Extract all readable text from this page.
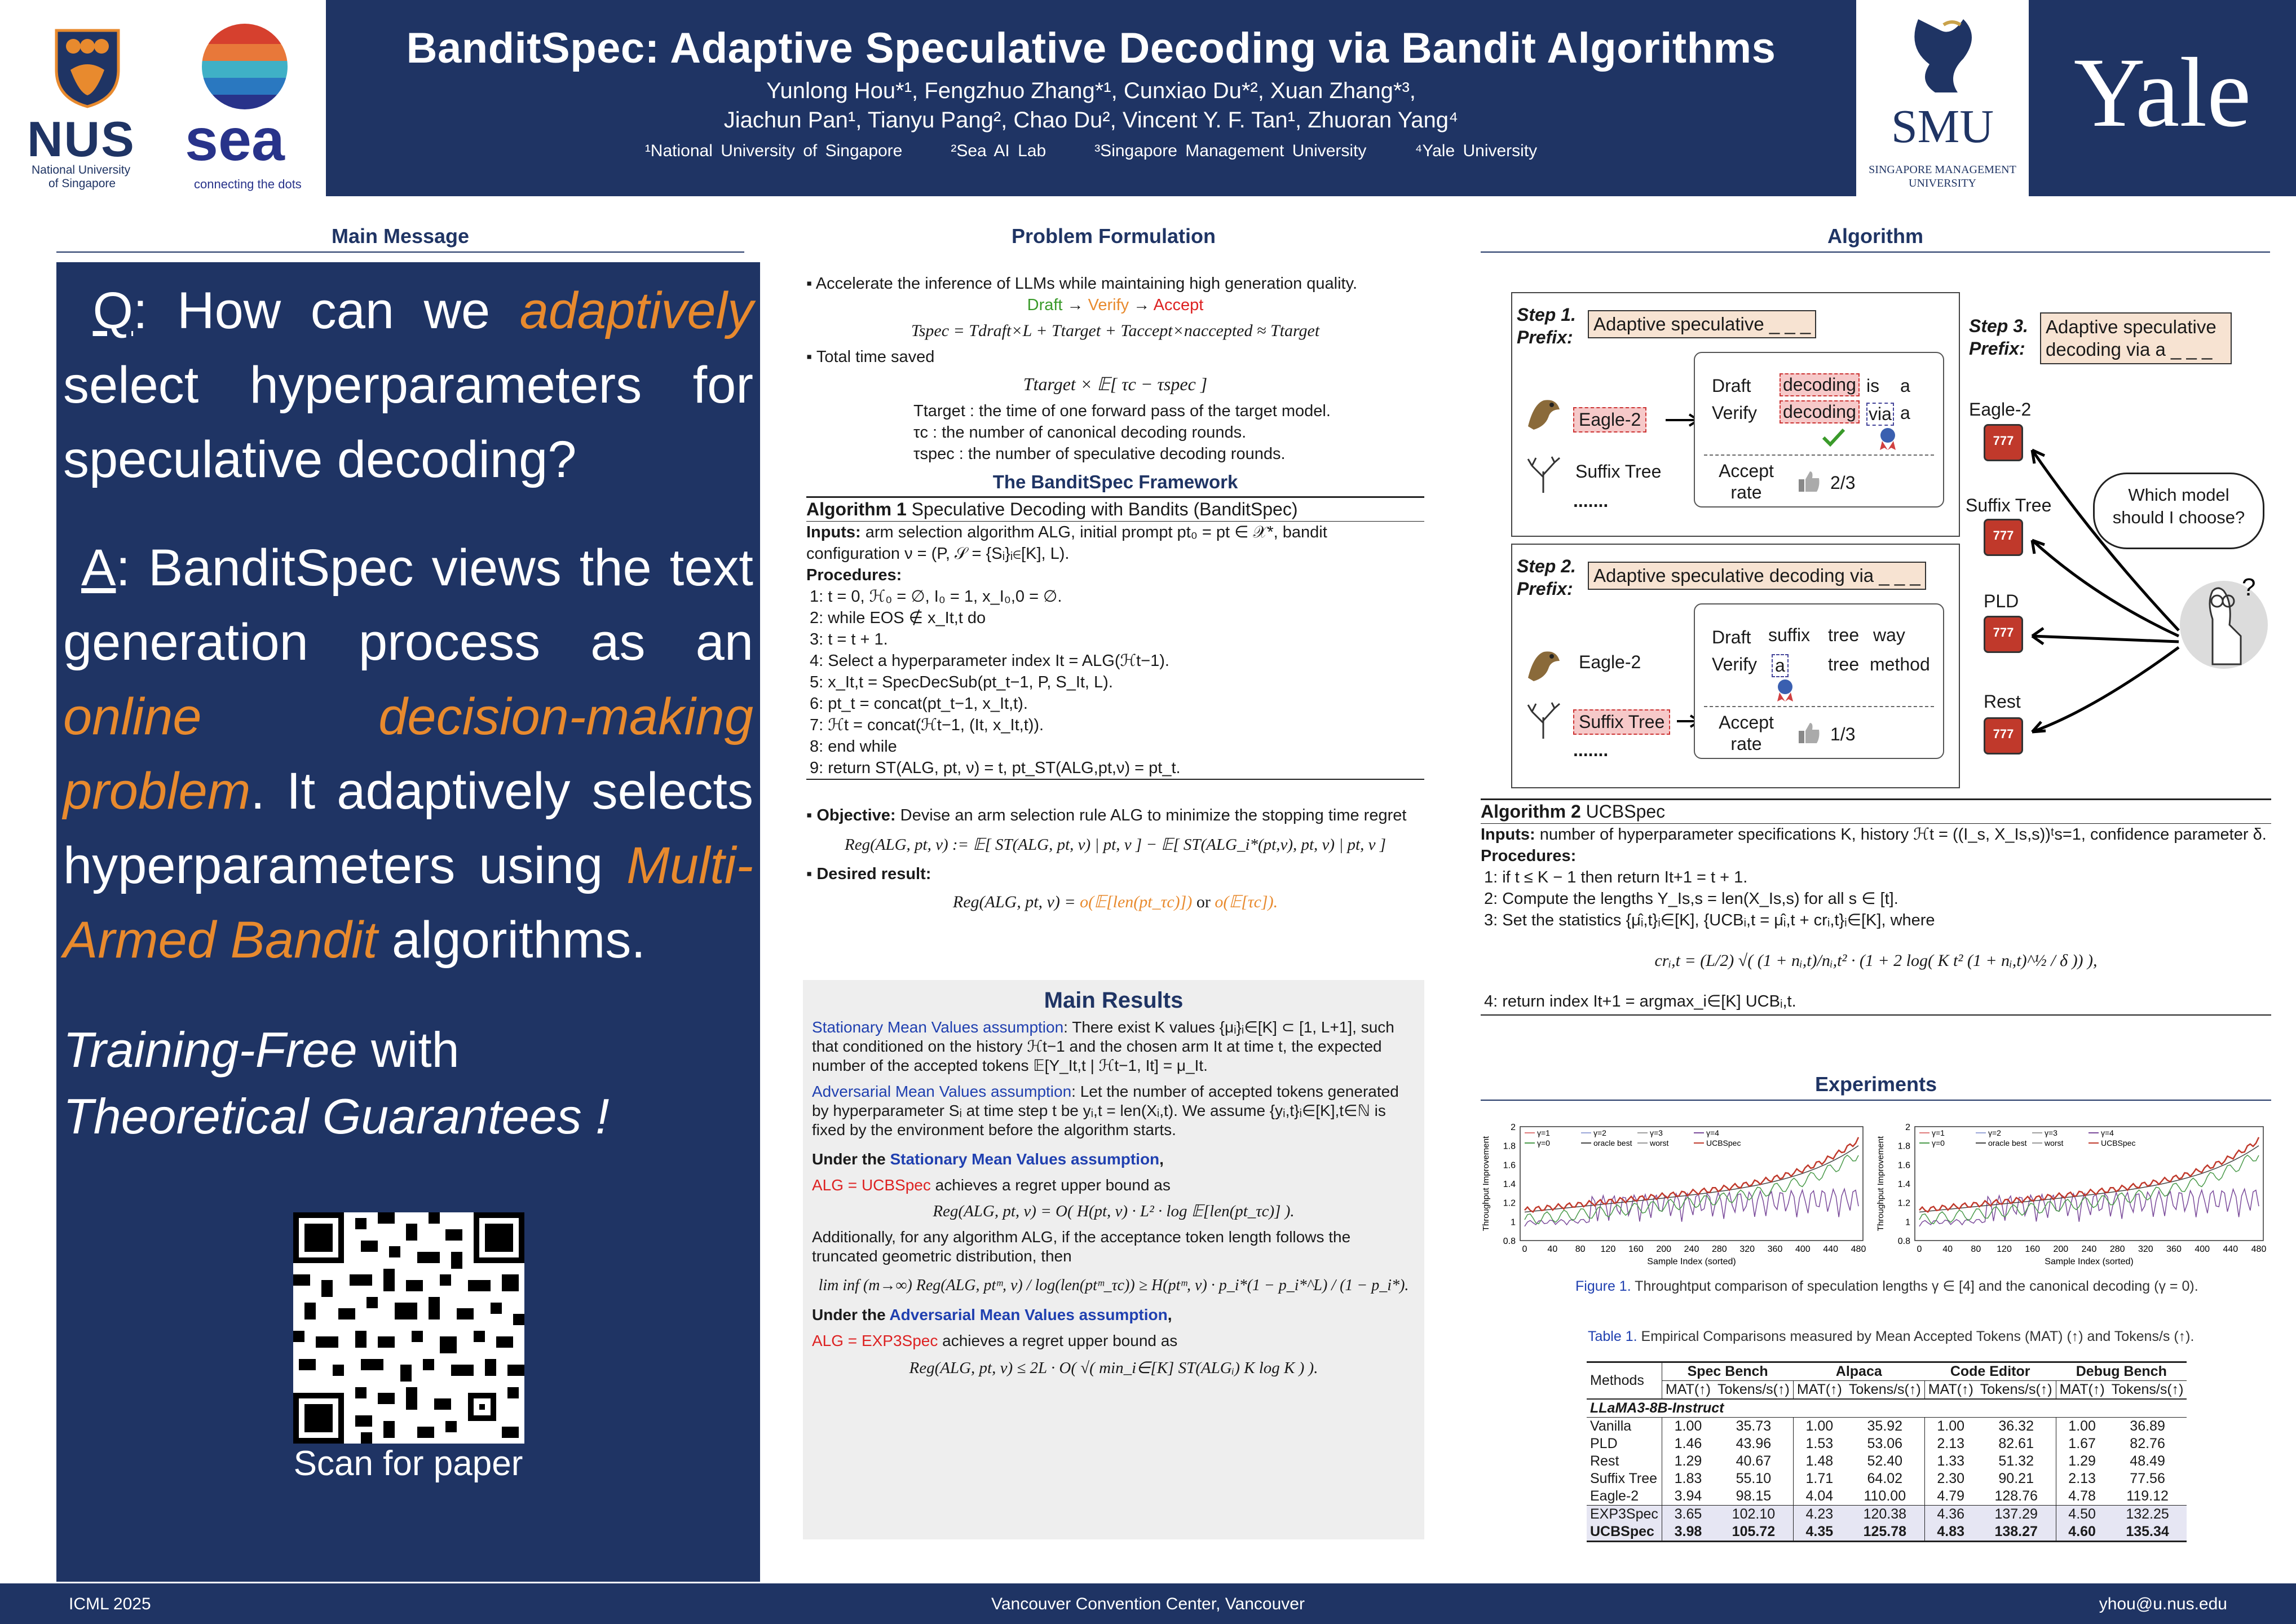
NUS
National University
of Singapore
sea
connecting the dots
BanditSpec: Adaptive Speculative Decoding via Bandit Algorithms
Yunlong Hou*¹, Fengzhuo Zhang*¹, Cunxiao Du*², Xuan Zhang*³,
Jiachun Pan¹, Tianyu Pang², Chao Du², Vincent Y. F. Tan¹, Zhuoran Yang⁴
¹National University of Singapore	²Sea AI Lab	³Singapore Management University	⁴Yale University	SMU
SINGAPORE MANAGEMENT
UNIVERSITY
Yale
Main Message
Q: How can we adaptively select hyperparameters for speculative decoding?
A: BanditSpec views the text generation process as an online decision-making problem. It adaptively selects hyperparameters using Multi-Armed Bandit algorithms.
Training-Free with
Theoretical Guarantees !
Scan for paper
Problem Formulation
▪ Accelerate the inference of LLMs while maintaining high generation quality.
Draft → Verify → Accept
Tspec = Tdraft×L + Ttarget + Taccept×naccepted ≈ Ttarget
▪ Total time saved
Ttarget × 𝔼[ τc − τspec ]
Ttarget : the time of one forward pass of the target model.
τc : the number of canonical decoding rounds.
τspec : the number of speculative decoding rounds.
The BanditSpec Framework
Algorithm 1 Speculative Decoding with Bandits (BanditSpec)
Inputs: arm selection algorithm ALG, initial prompt pt₀ = pt ∈ 𝒳*, bandit configuration ν = (P, 𝒮 = {Sᵢ}ᵢ∈[K], L).
Procedures:
1: t = 0, ℋ₀ = ∅, I₀ = 1, x_I₀,0 = ∅.
2: while EOS ∉ x_It,t do
3: t = t + 1.
4: Select a hyperparameter index It = ALG(ℋt−1).
5: x_It,t = SpecDecSub(pt_t−1, P, S_It, L).
6: pt_t = concat(pt_t−1, x_It,t).
7: ℋt = concat(ℋt−1, (It, x_It,t)).
8: end while
9: return ST(ALG, pt, ν) = t, pt_ST(ALG,pt,ν) = pt_t.
▪ Objective: Devise an arm selection rule ALG to minimize the stopping time regret
Reg(ALG, pt, ν) := 𝔼[ ST(ALG, pt, ν) | pt, ν ] − 𝔼[ ST(ALG_i*(pt,ν), pt, ν) | pt, ν ]
▪ Desired result:
Reg(ALG, pt, ν) = o(𝔼[len(pt_τc)]) or o(𝔼[τc]).
Main Results
Stationary Mean Values assumption: There exist K values {μᵢ}ᵢ∈[K] ⊂ [1, L+1], such that conditioned on the history ℋt−1 and the chosen arm It at time t, the expected number of the accepted tokens 𝔼[Y_It,t | ℋt−1, It] = μ_It.
Adversarial Mean Values assumption: Let the number of accepted tokens generated by hyperparameter Sᵢ at time step t be yᵢ,t = len(Xᵢ,t). We assume {yᵢ,t}ᵢ∈[K],t∈ℕ is fixed by the environment before the algorithm starts.
Under the Stationary Mean Values assumption,
ALG = UCBSpec achieves a regret upper bound as
Reg(ALG, pt, ν) = O( H(pt, ν) · L² · log 𝔼[len(pt_τc)] ).
Additionally, for any algorithm ALG, if the acceptance token length follows the truncated geometric distribution, then
lim inf (m→∞) Reg(ALG, ptᵐ, ν) / log(len(ptᵐ_τc)) ≥ H(ptᵐ, ν) · p_i*(1 − p_i*^L) / (1 − p_i*).
Under the Adversarial Mean Values assumption,
ALG = EXP3Spec achieves a regret upper bound as
Reg(ALG, pt, ν) ≤ 2L · O( √( min_i∈[K] ST(ALGᵢ) K log K ) ).
Algorithm
Step 1.
Prefix:
Adaptive speculative _ _ _
Eagle-2
Suffix Tree
.......
Draft
Verify
decoding is a
decoding via a
Accept rate	2/3
Step 2.
Prefix:
Adaptive speculative decoding via _ _ _
Eagle-2
Suffix Tree
.......
Draft
Verify
suffix tree way
a tree method
Accept rate	1/3
Step 3.
Prefix:
Adaptive speculative decoding via a _ _ _
Eagle-2
777
Suffix Tree
777
PLD
777
Rest
777
Which model should I choose?
?
Algorithm 2 UCBSpec
Inputs: number of hyperparameter specifications K, history ℋt = ((I_s, X_Is,s))ᵗs=1, confidence parameter δ.
Procedures:
1: if t ≤ K − 1 then return It+1 = t + 1.
2: Compute the lengths Y_Is,s = len(X_Is,s) for all s ∈ [t].
3: Set the statistics {μ̂ᵢ,t}ᵢ∈[K], {UCBᵢ,t = μ̂ᵢ,t + crᵢ,t}ᵢ∈[K], where
crᵢ,t = (L/2) √( (1 + nᵢ,t)/nᵢ,t² · (1 + 2 log( K t² (1 + nᵢ,t)^½ / δ )) ),
4: return index It+1 = argmax_i∈[K] UCBᵢ,t.
Experiments
2
1.8
1.6
1.4
1.2
1
0.8
0 40 80 120 160 200 240 280 320 360 400 440 480
Sample Index (sorted)
Throughput Improvement
γ=1	γ=2	γ=3	γ=4
γ=0	oracle best worst	UCBSpec
2
1.8
1.6
1.4
1.2
1
0.8
0 40 80 120 160 200 240 280 320 360 400 440 480
Sample Index (sorted)
Throughput Improvement
γ=1	γ=2	γ=3	γ=4
γ=0	oracle best worst	UCBSpec
Figure 1. Throughtput comparison of speculation lengths γ ∈ [4] and the canonical decoding (γ = 0).
Table 1. Empirical Comparisons measured by Mean Accepted Tokens (MAT) (↑) and Tokens/s (↑).
Methods	Spec Bench		Alpaca		Code Editor		Debug Bench	
	MAT(↑)	Tokens/s(↑)	MAT(↑)	Tokens/s(↑)	MAT(↑)	Tokens/s(↑)	MAT(↑)	Tokens/s(↑)
LLaMA3-8B-Instruct								
Vanilla	1.00	35.73	1.00	35.92	1.00	36.32	1.00	36.89
PLD	1.46	43.96	1.53	53.06	2.13	82.61	1.67	82.76
Rest	1.29	40.67	1.48	52.40	1.33	51.32	1.29	48.49
Suffix Tree	1.83	55.10	1.71	64.02	2.30	90.21	2.13	77.56
Eagle-2	3.94	98.15	4.04	110.00	4.79	128.76	4.78	119.12
EXP3Spec	3.65	102.10	4.23	120.38	4.36	137.29	4.50	132.25
UCBSpec	3.98	105.72	4.35	125.78	4.83	138.27	4.60	135.34
ICML 2025	Vancouver Convention Center, Vancouver	yhou@u.nus.edu
